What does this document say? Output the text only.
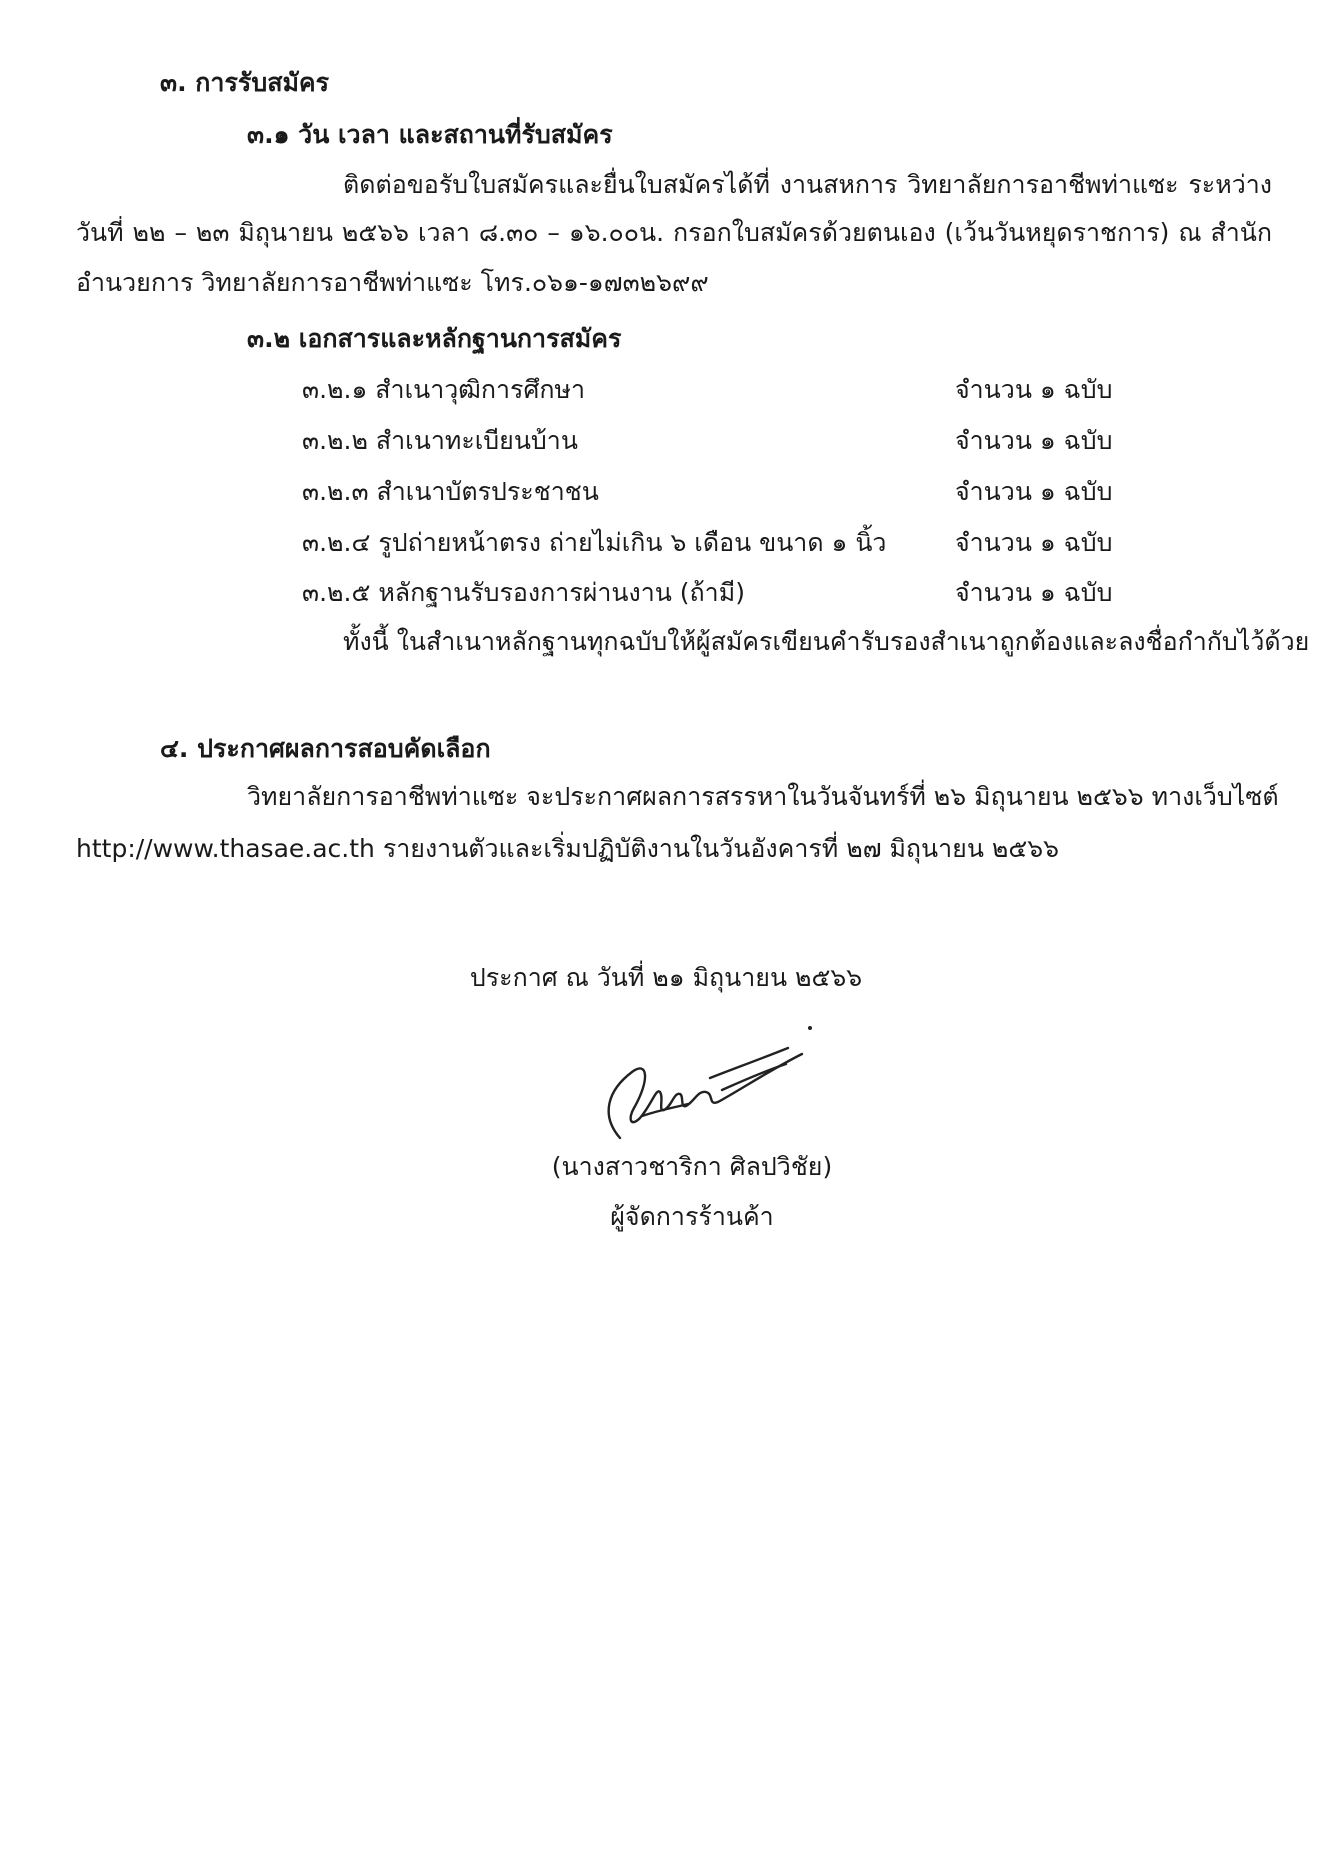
๓. การรับสมัคร
๓.๑ วัน เวลา และสถานที่รับสมัคร
ติดต่อขอรับใบสมัครและยื่นใบสมัครได้ที่ งานสหการ วิทยาลัยการอาชีพท่าแซะ ระหว่าง
วันที่ ๒๒ – ๒๓ มิถุนายน ๒๕๖๖ เวลา ๘.๓๐ – ๑๖.๐๐น. กรอกใบสมัครด้วยตนเอง (เว้นวันหยุดราชการ) ณ สำนัก
อำนวยการ วิทยาลัยการอาชีพท่าแซะ โทร.๐๖๑-๑๗๓๒๖๙๙
๓.๒ เอกสารและหลักฐานการสมัคร
๓.๒.๑ สำเนาวุฒิการศึกษา	จำนวน ๑ ฉบับ
๓.๒.๒ สำเนาทะเบียนบ้าน	จำนวน ๑ ฉบับ
๓.๒.๓ สำเนาบัตรประชาชน	จำนวน ๑ ฉบับ
๓.๒.๔ รูปถ่ายหน้าตรง ถ่ายไม่เกิน ๖ เดือน ขนาด ๑ นิ้ว	จำนวน ๑ ฉบับ
๓.๒.๕ หลักฐานรับรองการผ่านงาน (ถ้ามี)	จำนวน ๑ ฉบับ
ทั้งนี้ ในสำเนาหลักฐานทุกฉบับให้ผู้สมัครเขียนคำรับรองสำเนาถูกต้องและลงชื่อกำกับไว้ด้วย
๔. ประกาศผลการสอบคัดเลือก
วิทยาลัยการอาชีพท่าแซะ จะประกาศผลการสรรหาในวันจันทร์ที่ ๒๖ มิถุนายน ๒๕๖๖ ทางเว็บไซต์
http://www.thasae.ac.th รายงานตัวและเริ่มปฏิบัติงานในวันอังคารที่ ๒๗ มิถุนายน ๒๕๖๖
ประกาศ ณ วันที่ ๒๑ มิถุนายน ๒๕๖๖
(นางสาวชาริกา ศิลปวิชัย)
ผู้จัดการร้านค้า
